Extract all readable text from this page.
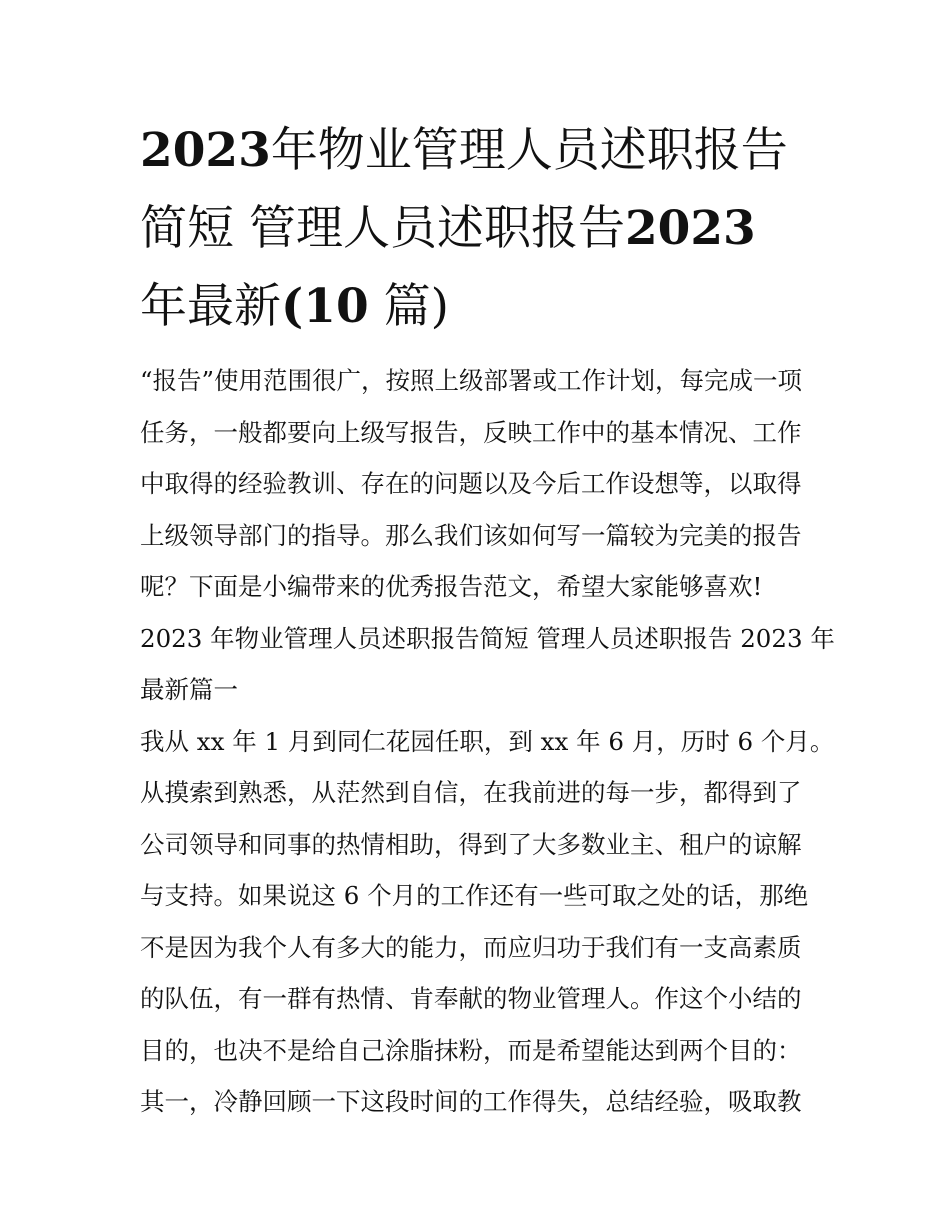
2023年物业管理人员述职报告
简短 管理人员述职报告2023
年最新(10 篇)
“报告”使用范围很广，按照上级部署或工作计划，每完成一项
任务，一般都要向上级写报告，反映工作中的基本情况、工作
中取得的经验教训、存在的问题以及今后工作设想等，以取得
上级领导部门的指导。那么我们该如何写一篇较为完美的报告
呢？下面是小编带来的优秀报告范文，希望大家能够喜欢!
2023 年物业管理人员述职报告简短 管理人员述职报告 2023 年
最新篇一
我从 xx 年 1 月到同仁花园任职，到 xx 年 6 月，历时 6 个月。
从摸索到熟悉，从茫然到自信，在我前进的每一步，都得到了
公司领导和同事的热情相助，得到了大多数业主、租户的谅解
与支持。如果说这 6 个月的工作还有一些可取之处的话，那绝
不是因为我个人有多大的能力，而应归功于我们有一支高素质
的队伍，有一群有热情、肯奉献的物业管理人。作这个小结的
目的，也决不是给自己涂脂抹粉，而是希望能达到两个目的：
其一，冷静回顾一下这段时间的工作得失，总结经验，吸取教
